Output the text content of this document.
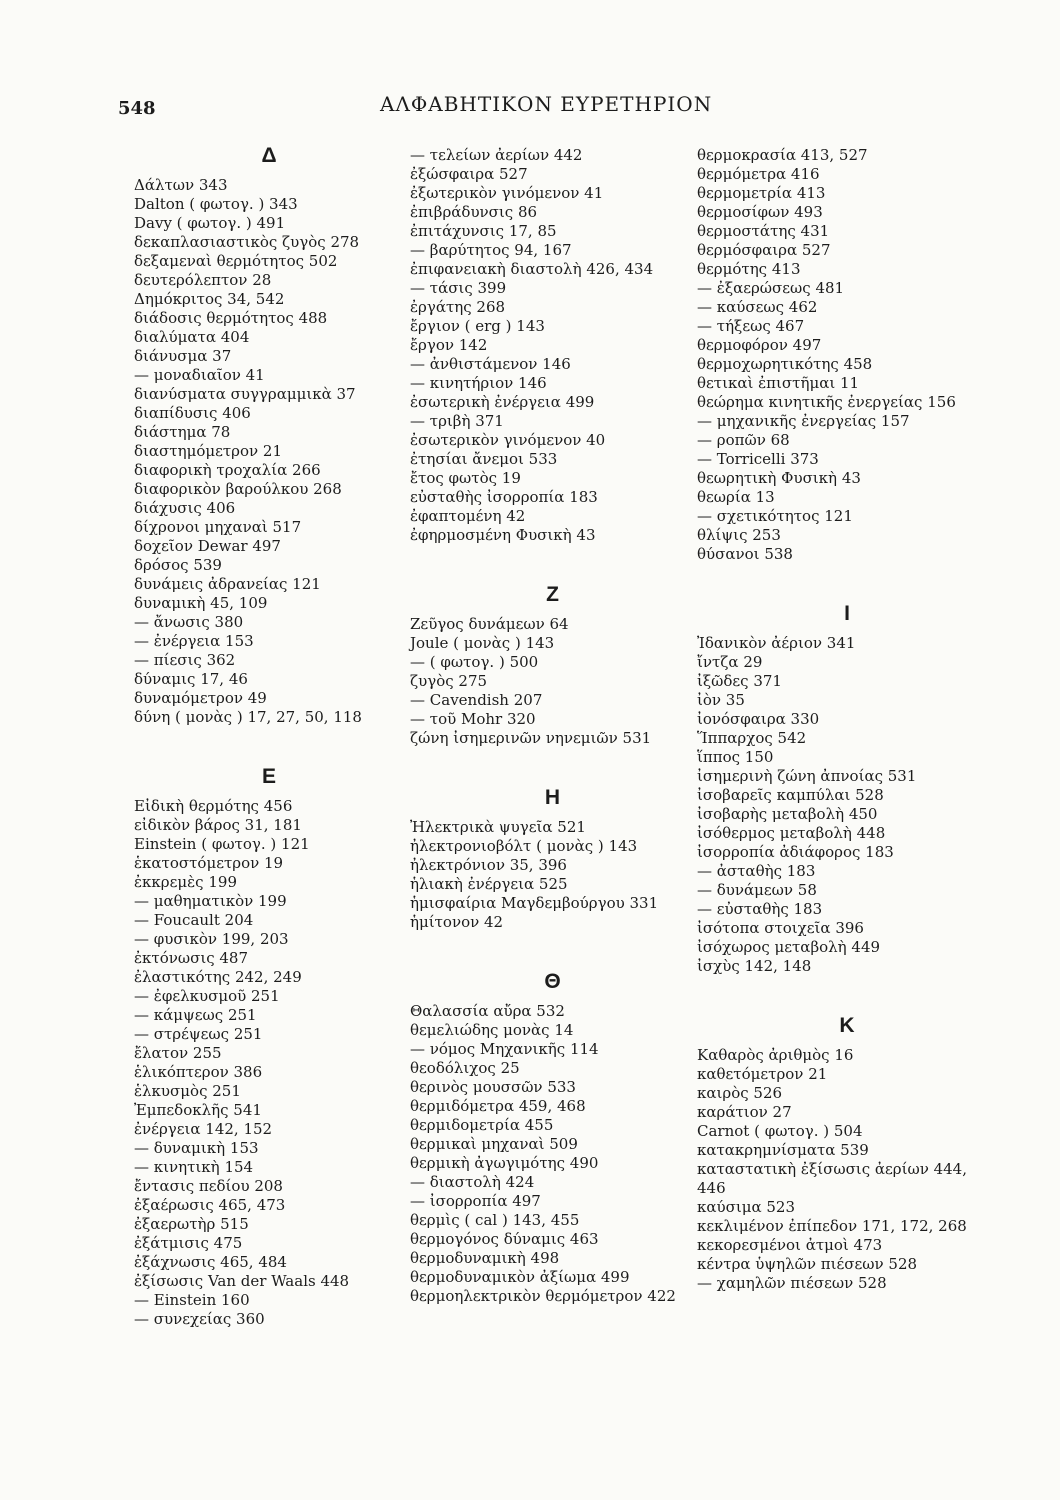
548	ΑΛΦΑΒΗΤΙΚΟΝ ΕΥΡΕΤΗΡΙΟΝ
Δ
Δάλτων 343
Dalton ( φωτογ. ) 343
Davy ( φωτογ. ) 491
δεκαπλασιαστικὸς ζυγὸς 278
δεξαμεναὶ θερμότητος 502
δευτερόλεπτον 28
Δημόκριτος 34, 542
διάδοσις θερμότητος 488
διαλύματα 404
διάνυσμα 37
— μοναδιαῖον 41
διανύσματα συγγραμμικὰ 37
διαπίδυσις 406
διάστημα 78
διαστημόμετρον 21
διαφορικὴ τροχαλία 266
διαφορικὸν βαρούλκου 268
διάχυσις 406
δίχρονοι μηχαναὶ 517
δοχεῖον Dewar 497
δρόσος 539
δυνάμεις ἀδρανείας 121
δυναμικὴ 45, 109
— ἄνωσις 380
— ἐνέργεια 153
— πίεσις 362
δύναμις 17, 46
δυναμόμετρον 49
δύνη ( μονὰς ) 17, 27, 50, 118
Ε
Εἰδικὴ θερμότης 456
εἰδικὸν βάρος 31, 181
Einstein ( φωτογ. ) 121
ἑκατοστόμετρον 19
ἐκκρεμὲς 199
— μαθηματικὸν 199
— Foucault 204
— φυσικὸν 199, 203
ἐκτόνωσις 487
ἐλαστικότης 242, 249
— ἐφελκυσμοῦ 251
— κάμψεως 251
— στρέψεως 251
ἔλατον 255
ἑλικόπτερον 386
ἑλκυσμὸς 251
Ἐμπεδοκλῆς 541
ἐνέργεια 142, 152
— δυναμικὴ 153
— κινητικὴ 154
ἔντασις πεδίου 208
ἐξαέρωσις 465, 473
ἐξαερωτὴρ 515
ἐξάτμισις 475
ἐξάχνωσις 465, 484
ἐξίσωσις Van der Waals 448
— Einstein 160
— συνεχείας 360
— τελείων ἀερίων 442
ἐξώσφαιρα 527
ἐξωτερικὸν γινόμενον 41
ἐπιβράδυνσις 86
ἐπιτάχυνσις 17, 85
— βαρύτητος 94, 167
ἐπιφανειακὴ διαστολὴ 426, 434
— τάσις 399
ἐργάτης 268
ἔργιον ( erg ) 143
ἔργον 142
— ἀνθιστάμενον 146
— κινητήριον 146
ἐσωτερικὴ ἐνέργεια 499
— τριβὴ 371
ἐσωτερικὸν γινόμενον 40
ἐτησίαι ἄνεμοι 533
ἔτος φωτὸς 19
εὐσταθὴς ἰσορροπία 183
ἐφαπτομένη 42
ἐφηρμοσμένη Φυσικὴ 43
Ζ
Ζεῦγος δυνάμεων 64
Joule ( μονὰς ) 143
— ( φωτογ. ) 500
ζυγὸς 275
— Cavendish 207
— τοῦ Mohr 320
ζώνη ἰσημερινῶν νηνεμιῶν 531
Η
Ἠλεκτρικὰ ψυγεῖα 521
ἠλεκτρονιοβόλτ ( μονὰς ) 143
ἠλεκτρόνιον 35, 396
ἡλιακὴ ἐνέργεια 525
ἡμισφαίρια Μαγδεμβούργου 331
ἡμίτονον 42
Θ
Θαλασσία αὔρα 532
θεμελιώδης μονὰς 14
— νόμος Μηχανικῆς 114
θεοδόλιχος 25
θερινὸς μουσσῶν 533
θερμιδόμετρα 459, 468
θερμιδομετρία 455
θερμικαὶ μηχαναὶ 509
θερμικὴ ἀγωγιμότης 490
— διαστολὴ 424
— ἰσορροπία 497
θερμὶς ( cal ) 143, 455
θερμογόνος δύναμις 463
θερμοδυναμικὴ 498
θερμοδυναμικὸν ἀξίωμα 499
θερμοηλεκτρικὸν θερμόμετρον 422
θερμοκρασία 413, 527
θερμόμετρα 416
θερμομετρία 413
θερμοσίφων 493
θερμοστάτης 431
θερμόσφαιρα 527
θερμότης 413
— ἐξαερώσεως 481
— καύσεως 462
— τήξεως 467
θερμοφόρον 497
θερμοχωρητικότης 458
θετικαὶ ἐπιστῆμαι 11
θεώρημα κινητικῆς ἐνεργείας 156
— μηχανικῆς ἐνεργείας 157
— ροπῶν 68
— Torricelli 373
θεωρητικὴ Φυσικὴ 43
θεωρία 13
— σχετικότητος 121
θλίψις 253
θύσανοι 538
Ι
Ἰδανικὸν ἀέριον 341
ἴντζα 29
ἰξῶδες 371
ἰὸν 35
ἰονόσφαιρα 330
Ἵππαρχος 542
ἵππος 150
ἰσημερινὴ ζώνη ἀπνοίας 531
ἰσοβαρεῖς καμπύλαι 528
ἰσοβαρὴς μεταβολὴ 450
ἰσόθερμος μεταβολὴ 448
ἰσορροπία ἀδιάφορος 183
— ἀσταθὴς 183
— δυνάμεων 58
— εὐσταθὴς 183
ἰσότοπα στοιχεῖα 396
ἰσόχωρος μεταβολὴ 449
ἰσχὺς 142, 148
Κ
Καθαρὸς ἀριθμὸς 16
καθετόμετρον 21
καιρὸς 526
καράτιον 27
Carnot ( φωτογ. ) 504
κατακρημνίσματα 539
καταστατικὴ ἐξίσωσις ἀερίων 444, 446
καύσιμα 523
κεκλιμένον ἐπίπεδον 171, 172, 268
κεκορεσμένοι ἀτμοὶ 473
κέντρα ὑψηλῶν πιέσεων 528
— χαμηλῶν πιέσεων 528
